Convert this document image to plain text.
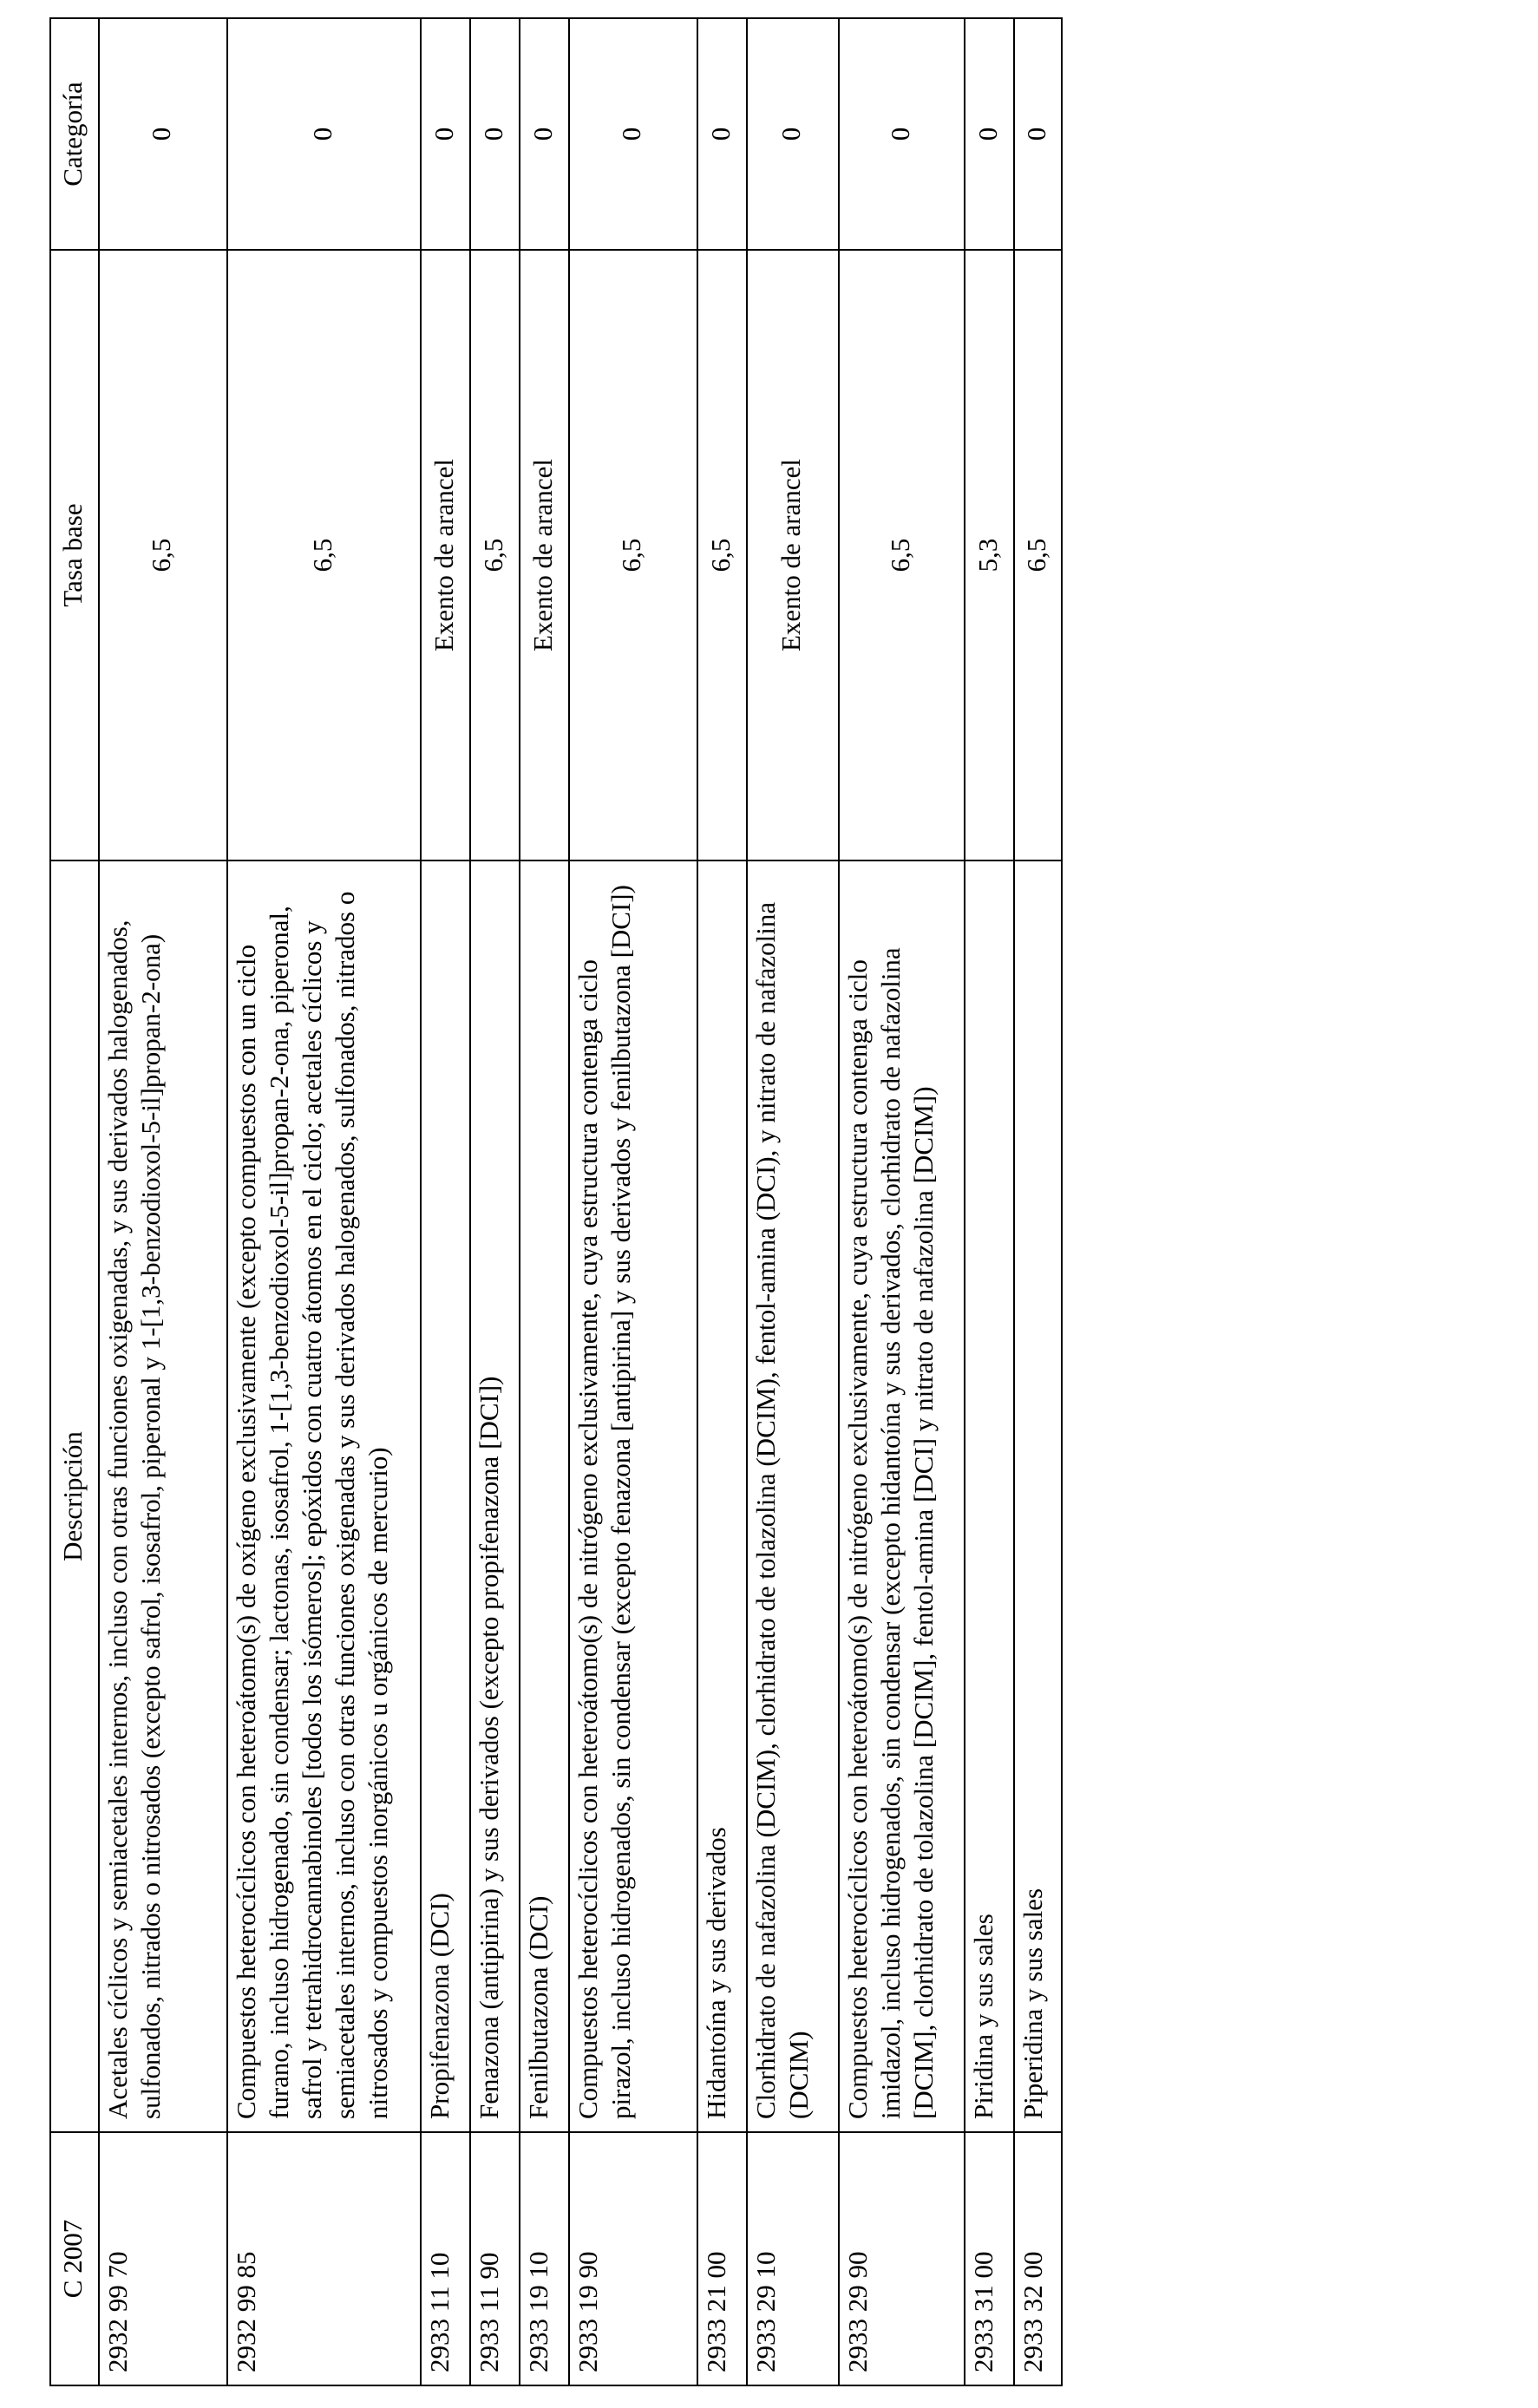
C 2007	Descripción	Tasa base	Categoría
2932 99 70	Acetales cíclicos y semiacetales internos, incluso con otras funciones oxigenadas, y sus derivados halogenados, sulfonados, nitrados o nitrosados (excepto safrol, isosafrol, piperonal y 1-[1,3-benzodioxol-5-il]propan-2-ona)	6,5	0
2932 99 85	Compuestos heterocíclicos con heteroátomo(s) de oxígeno exclusivamente (excepto compuestos con un ciclo furano, incluso hidrogenado, sin condensar; lactonas, isosafrol, 1-[1,3-benzodioxol-5-il]propan-2-ona, piperonal, safrol y tetrahidrocannabinoles [todos los isómeros]; epóxidos con cuatro átomos en el ciclo; acetales cíclicos y semiacetales internos, incluso con otras funciones oxigenadas y sus derivados halogenados, sulfonados, nitrados o nitrosados y compuestos inorgánicos u orgánicos de mercurio)	6,5	0
2933 11 10	Propifenazona (DCI)	Exento de arancel	0
2933 11 90	Fenazona (antipirina) y sus derivados (excepto propifenazona [DCI])	6,5	0
2933 19 10	Fenilbutazona (DCI)	Exento de arancel	0
2933 19 90	Compuestos heterocíclicos con heteroátomo(s) de nitrógeno exclusivamente, cuya estructura contenga ciclo pirazol, incluso hidrogenados, sin condensar (excepto fenazona [antipirina] y sus derivados y fenilbutazona [DCI])	6,5	0
2933 21 00	Hidantoína y sus derivados	6,5	0
2933 29 10	Clorhidrato de nafazolina (DCIM), clorhidrato de tolazolina (DCIM), fentol-amina (DCI), y nitrato de nafazolina (DCIM)	Exento de arancel	0
2933 29 90	Compuestos heterocíclicos con heteroátomo(s) de nitrógeno exclusivamente, cuya estructura contenga ciclo imidazol, incluso hidrogenados, sin condensar (excepto hidantoína y sus derivados, clorhidrato de nafazolina [DCIM], clorhidrato de tolazolina [DCIM], fentol-amina [DCI] y nitrato de nafazolina [DCIM])	6,5	0
2933 31 00	Piridina y sus sales	5,3	0
2933 32 00	Piperidina y sus sales	6,5	0
